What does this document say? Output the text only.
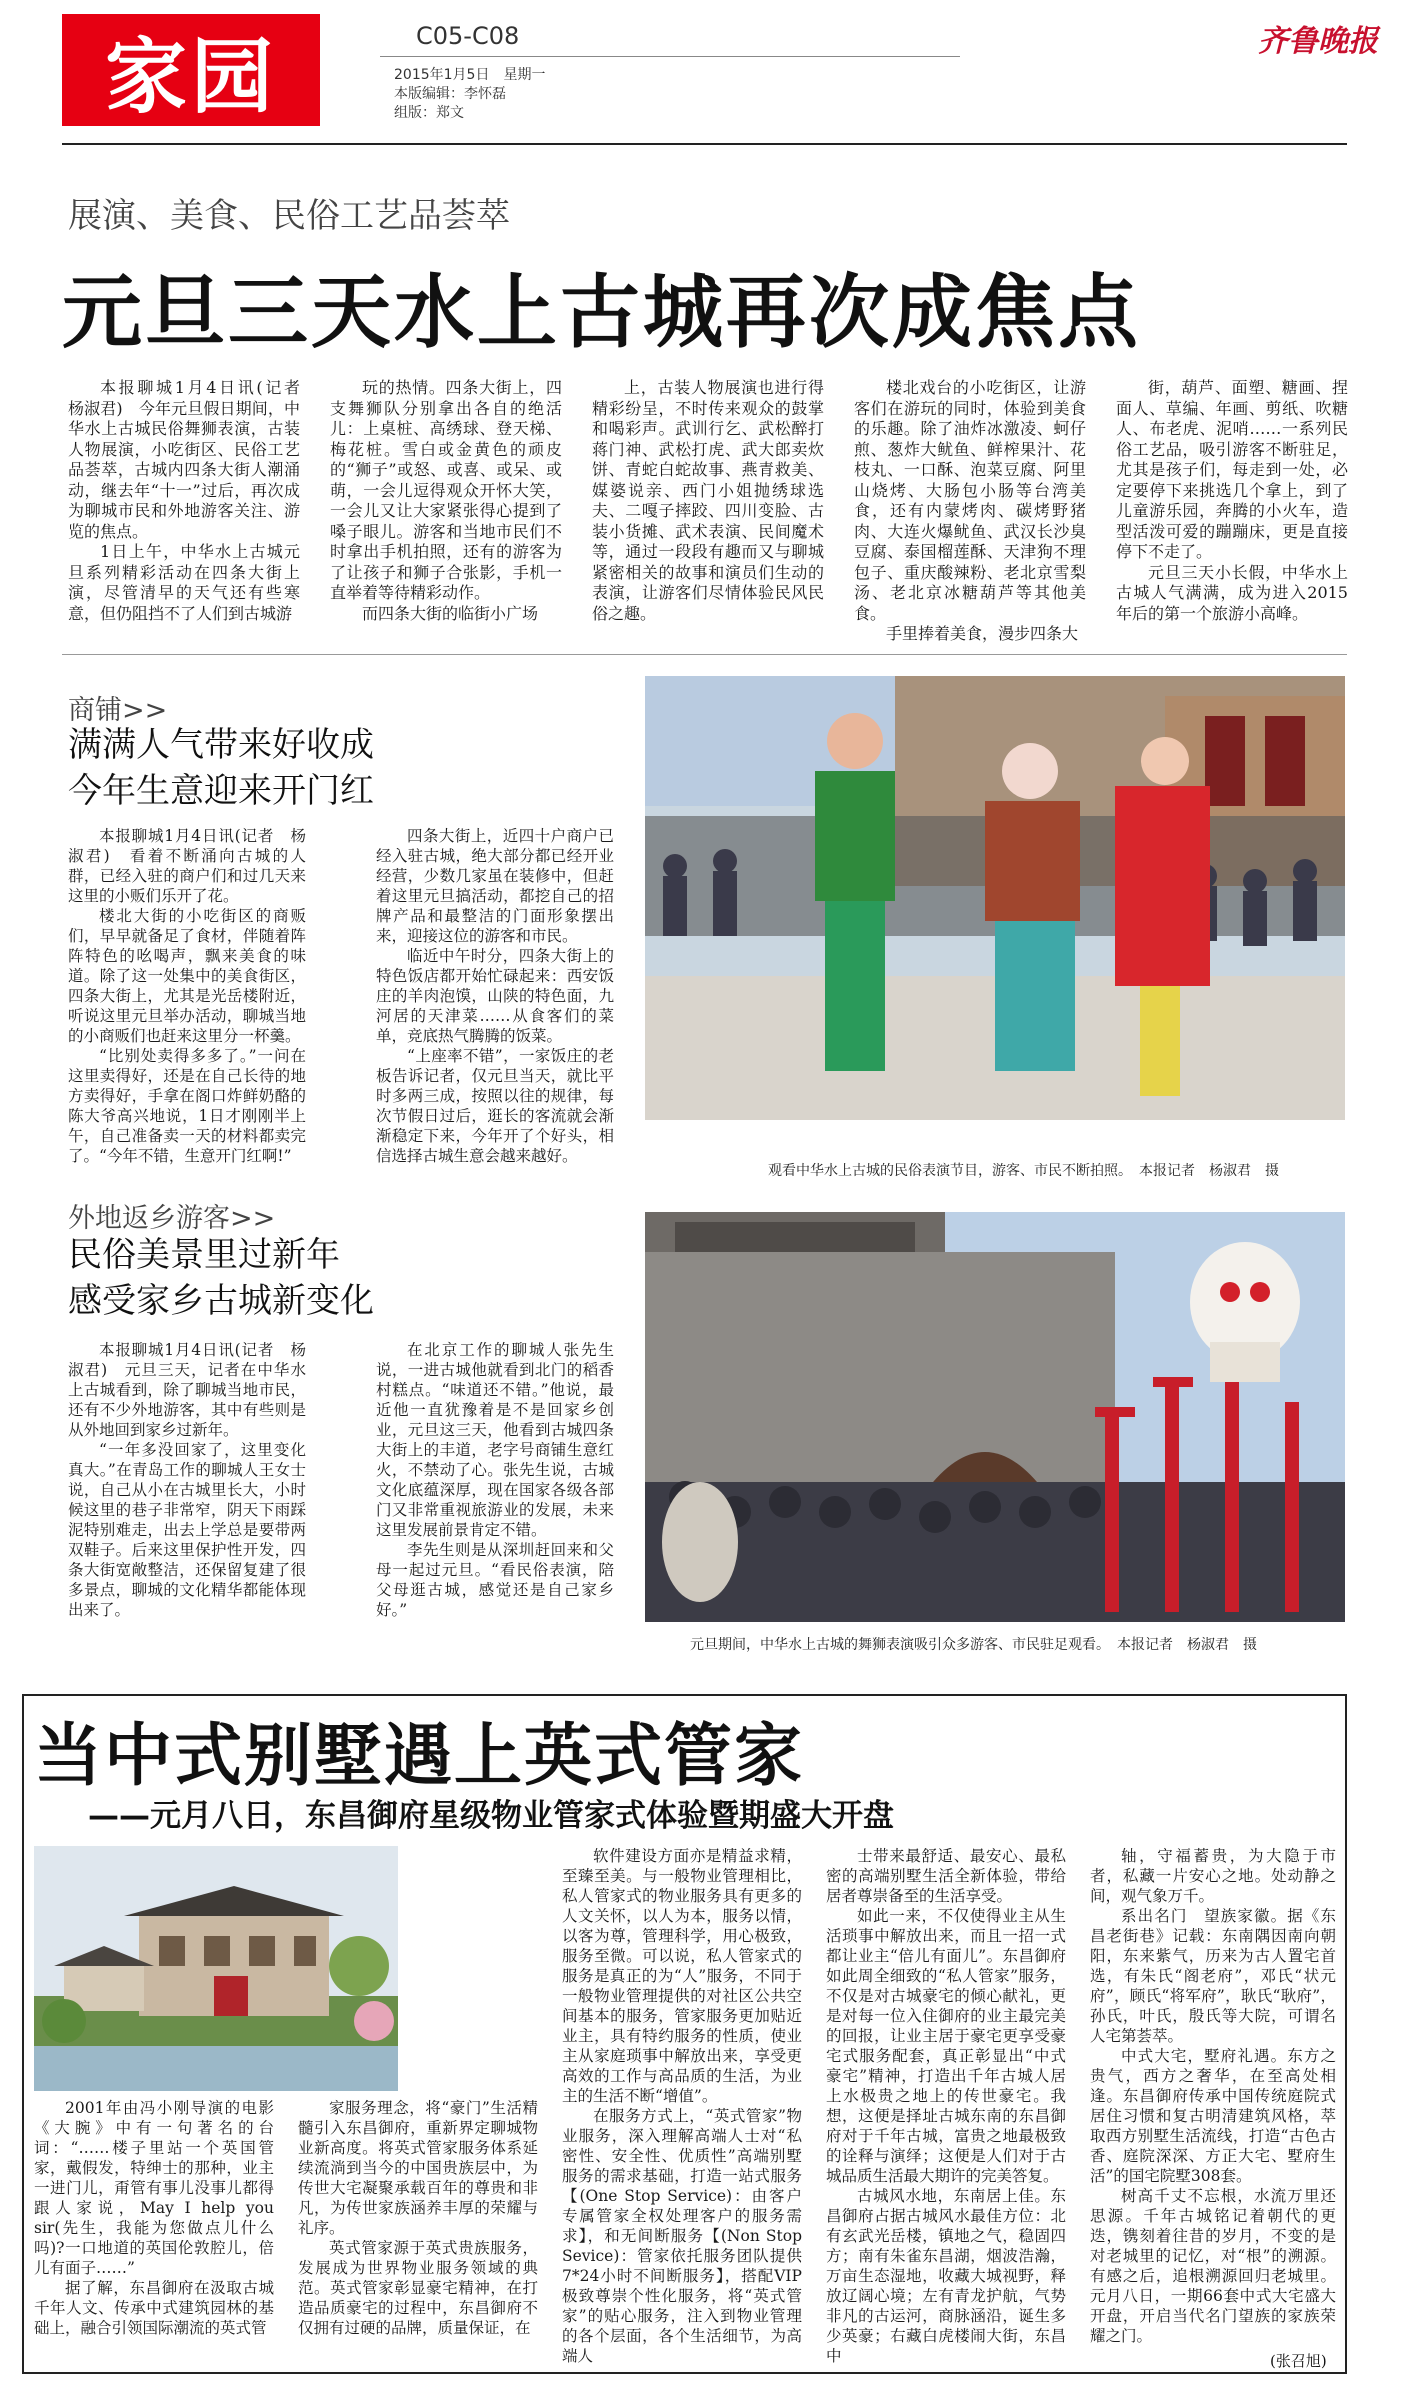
家园	C05-C08
2015年1月5日　星期一
本版编辑：李怀磊
组版：郑文
齐鲁晚报
展演、美食、民俗工艺品荟萃
元旦三天水上古城再次成焦点

本报聊城1月4日讯(记者　杨淑君)　今年元旦假日期间，中华水上古城民俗舞狮表演，古装人物展演，小吃街区、民俗工艺品荟萃，古城内四条大街人潮涌动，继去年“十一”过后，再次成为聊城市民和外地游客关注、游览的焦点。

1日上午，中华水上古城元旦系列精彩活动在四条大街上演，尽管清早的天气还有些寒意，但仍阻挡不了人们到古城游

玩的热情。四条大街上，四支舞狮队分别拿出各自的绝活儿：上桌桩、高绣球、登天梯、梅花桩。雪白或金黄色的顽皮的“狮子”或怒、或喜、或呆、或萌，一会儿逗得观众开怀大笑，一会儿又让大家紧张得心提到了嗓子眼儿。游客和当地市民们不时拿出手机拍照，还有的游客为了让孩子和狮子合张影，手机一直举着等待精彩动作。

而四条大街的临街小广场

上，古装人物展演也进行得精彩纷呈，不时传来观众的鼓掌和喝彩声。武训行乞、武松醉打蒋门神、武松打虎、武大郎卖炊饼、青蛇白蛇故事、燕青救美、媒婆说亲、西门小姐抛绣球选夫、二嘎子摔跤、四川变脸、古装小货摊、武术表演、民间魔术等，通过一段段有趣而又与聊城紧密相关的故事和演员们生动的表演，让游客们尽情体验民风民俗之趣。

楼北戏台的小吃街区，让游客们在游玩的同时，体验到美食的乐趣。除了油炸冰激凌、蚵仔煎、葱炸大鱿鱼、鲜榨果汁、花枝丸、一口酥、泡菜豆腐、阿里山烧烤、大肠包小肠等台湾美食，还有内蒙烤肉、碳烤野猪肉、大连火爆鱿鱼、武汉长沙臭豆腐、泰国榴莲酥、天津狗不理包子、重庆酸辣粉、老北京雪梨汤、老北京冰糖葫芦等其他美食。

手里捧着美食，漫步四条大

街，葫芦、面塑、糖画、捏面人、草编、年画、剪纸、吹糖人、布老虎、泥哨……一系列民俗工艺品，吸引游客不断驻足，尤其是孩子们，每走到一处，必定要停下来挑选几个拿上，到了儿童游乐园，奔腾的小火车，造型活泼可爱的蹦蹦床，更是直接停下不走了。

元旦三天小长假，中华水上古城人气满满，成为进入2015年后的第一个旅游小高峰。

商铺>>
满满人气带来好收成
今年生意迎来开门红

本报聊城1月4日讯(记者　杨淑君)　看着不断涌向古城的人群，已经入驻的商户们和过几天来这里的小贩们乐开了花。

楼北大街的小吃街区的商贩们，早早就备足了食材，伴随着阵阵特色的吆喝声，飘来美食的味道。除了这一处集中的美食街区，四条大街上，尤其是光岳楼附近，听说这里元旦举办活动，聊城当地的小商贩们也赶来这里分一杯羹。

“比别处卖得多多了。”一问在这里卖得好，还是在自己长待的地方卖得好，手拿在阁口炸鲜奶酪的陈大爷高兴地说，1日才刚刚半上午，自己准备卖一天的材料都卖完了。“今年不错，生意开门红啊!”

四条大街上，近四十户商户已经入驻古城，绝大部分都已经开业经营，少数几家虽在装修中，但赶着这里元旦搞活动，都挖自己的招牌产品和最整洁的门面形象摆出来，迎接这位的游客和市民。

临近中午时分，四条大街上的特色饭店都开始忙碌起来：西安饭庄的羊肉泡馍，山陕的特色面，九河居的天津菜……从食客们的菜单，竞底热气腾腾的饭菜。

“上座率不错”，一家饭庄的老板告诉记者，仅元旦当天，就比平时多两三成，按照以往的规律，每次节假日过后，逛长的客流就会渐渐稳定下来，今年开了个好头，相信选择古城生意会越来越好。

观看中华水上古城的民俗表演节目，游客、市民不断拍照。　本报记者　杨淑君　摄
外地返乡游客>>
民俗美景里过新年
感受家乡古城新变化

本报聊城1月4日讯(记者　杨淑君)　元旦三天，记者在中华水上古城看到，除了聊城当地市民，还有不少外地游客，其中有些则是从外地回到家乡过新年。

“一年多没回家了，这里变化真大。”在青岛工作的聊城人王女士说，自己从小在古城里长大，小时候这里的巷子非常窄，阴天下雨踩泥特别难走，出去上学总是要带两双鞋子。后来这里保护性开发，四条大街宽敞整洁，还保留复建了很多景点，聊城的文化精华都能体现出来了。

在北京工作的聊城人张先生说，一进古城他就看到北门的稻香村糕点。“味道还不错。”他说，最近他一直犹豫着是不是回家乡创业，元旦这三天，他看到古城四条大街上的丰道，老字号商铺生意红火，不禁动了心。张先生说，古城文化底蕴深厚，现在国家各级各部门又非常重视旅游业的发展，未来这里发展前景肯定不错。

李先生则是从深圳赶回来和父母一起过元旦。“看民俗表演，陪父母逛古城，感觉还是自己家乡好。”

元旦期间，中华水上古城的舞狮表演吸引众多游客、市民驻足观看。　本报记者　杨淑君　摄
当中式别墅遇上英式管家
——元月八日，东昌御府星级物业管家式体验暨期盛大开盘

2001年由冯小刚导演的电影《大腕》中有一句著名的台词：“……楼子里站一个英国管家，戴假发，特绅士的那种，业主一进门儿，甭管有事儿没事儿都得跟人家说，May I help you sir(先生，我能为您做点儿什么吗)?一口地道的英国伦敦腔儿，倍儿有面子……”

据了解，东昌御府在汲取古城千年人文、传承中式建筑园林的基础上，融合引领国际潮流的英式管

家服务理念，将“豪门”生活精髓引入东昌御府，重新界定聊城物业新高度。将英式管家服务体系延续流淌到当今的中国贵族层中，为传世大宅凝聚承载百年的尊贵和非凡，为传世家族涵养丰厚的荣耀与礼序。

英式管家源于英式贵族服务，发展成为世界物业服务领域的典范。英式管家彰显豪宅精神，在打造品质豪宅的过程中，东昌御府不仅拥有过硬的品牌，质量保证，在

软件建设方面亦是精益求精，至臻至美。与一般物业管理相比，私人管家式的物业服务具有更多的人文关怀，以人为本，服务以情，以客为尊，管理科学，用心极致，服务至微。可以说，私人管家式的服务是真正的为“人”服务，不同于一般物业管理提供的对社区公共空间基本的服务，管家服务更加贴近业主，具有特约服务的性质，使业主从家庭琐事中解放出来，享受更高效的工作与高品质的生活，为业主的生活不断“增值”。

在服务方式上，“英式管家”物业服务，深入理解高端人士对“私密性、安全性、优质性”高端别墅服务的需求基础，打造一站式服务【(One Stop Service)：由客户专属管家全权处理客户的服务需求】，和无间断服务【(Non Stop Sevice)：管家依托服务团队提供7*24小时不间断服务】，搭配VIP极致尊崇个性化服务，将“英式管家”的贴心服务，注入到物业管理的各个层面，各个生活细节，为高端人

士带来最舒适、最安心、最私密的高端别墅生活全新体验，带给居者尊崇备至的生活享受。

如此一来，不仅使得业主从生活琐事中解放出来，而且一招一式都让业主“倍儿有面儿”。东昌御府如此周全细致的“私人管家”服务，不仅是对古城豪宅的倾心献礼，更是对每一位入住御府的业主最完美的回报，让业主居于豪宅更享受豪宅式服务配套，真正彰显出“中式豪宅”精神，打造出千年古城人居上水极贵之地上的传世豪宅。我想，这便是择址古城东南的东昌御府对于千年古城，富贵之地最极致的诠释与演绎；这便是人们对于古城品质生活最大期许的完美答复。

古城风水地，东南居上佳。东昌御府占据古城风水最佳方位：北有玄武光岳楼，镇地之气，稳固四方；南有朱雀东昌湖，烟波浩瀚，万亩生态湿地，收藏大城视野，释放辽阔心境；左有青龙护航，气势非凡的古运河，商脉涵沿，诞生多少英豪；右藏白虎楼闹大街，东昌中

轴，守福蓄贵，为大隐于市者，私藏一片安心之地。处动静之间，观气象万千。

系出名门　望族家徽。据《东昌老街巷》记载：东南隅因南向朝阳，东来紫气，历来为古人置宅首选，有朱氏“阁老府”，邓氏“状元府”，顾氏“将军府”，耿氏“耿府”，孙氏，叶氏，殷氏等大院，可谓名人宅第荟萃。

中式大宅，墅府礼遇。东方之贵气，西方之奢华，在至高处相逢。东昌御府传承中国传统庭院式居住习惯和复古明清建筑风格，萃取西方别墅生活流线，打造“古色古香、庭院深深、方正大宅、墅府生活”的国宅院墅308套。

树高千丈不忘根，水流万里还思源。千年古城铭记着朝代的更迭，镌刻着往昔的岁月，不变的是对老城里的记忆，对“根”的溯源。有感之后，追根溯源回归老城里。元月八日，一期66套中式大宅盛大开盘，开启当代名门望族的家族荣耀之门。

(张召旭)
